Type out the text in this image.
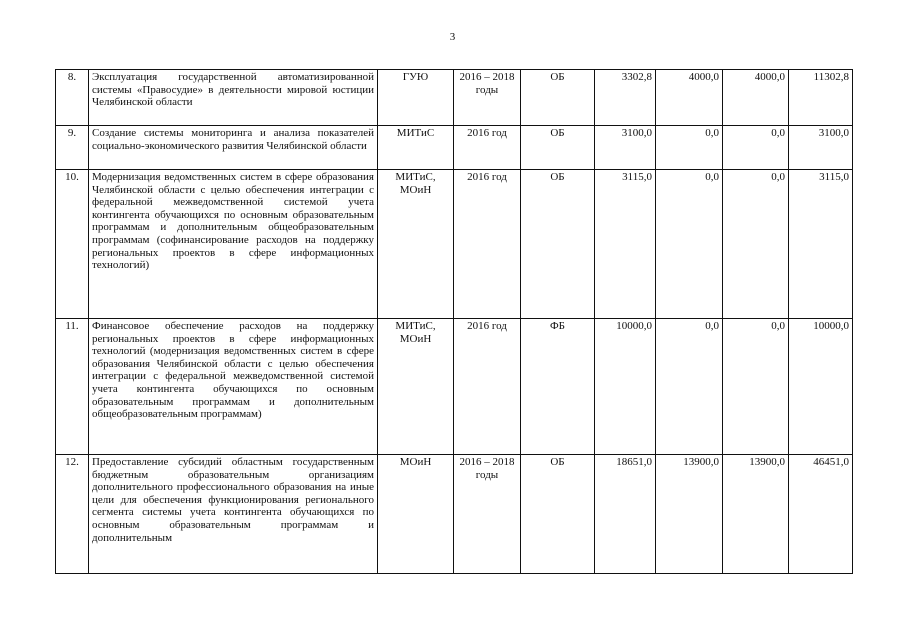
3
8.	Эксплуатация государственной автоматизированной системы «Правосудие» в деятельности мировой юстиции Челябинской области	ГУЮ	2016 – 2018 годы	ОБ	3302,8	4000,0	4000,0	11302,8
9.	Создание системы мониторинга и анализа показателей социально-экономического развития Челябинской области	МИТиС	2016 год	ОБ	3100,0	0,0	0,0	3100,0
10.	Модернизация ведомственных систем в сфере образования Челябинской области с целью обеспечения интеграции с федеральной межведомственной системой учета контингента обучающихся по основным образовательным программам и дополнительным общеобразовательным программам (софинансирование расходов на поддержку региональных проектов в сфере информационных технологий)	МИТиС, МОиН	2016 год	ОБ	3115,0	0,0	0,0	3115,0
11.	Финансовое обеспечение расходов на поддержку региональных проектов в сфере информационных технологий (модернизация ведомственных систем в сфере образования Челябинской области с целью обеспечения интеграции с федеральной межведомственной системой учета контингента обучающихся по основным образовательным программам и дополнительным общеобразовательным программам)	МИТиС, МОиН	2016 год	ФБ	10000,0	0,0	0,0	10000,0
12.	Предоставление субсидий областным государственным бюджетным образовательным организациям дополнительного профессионального образования на иные цели для обеспечения функционирования регионального сегмента системы учета контингента обучающихся по основным образовательным программам и дополнительным	МОиН	2016 – 2018 годы	ОБ	18651,0	13900,0	13900,0	46451,0
